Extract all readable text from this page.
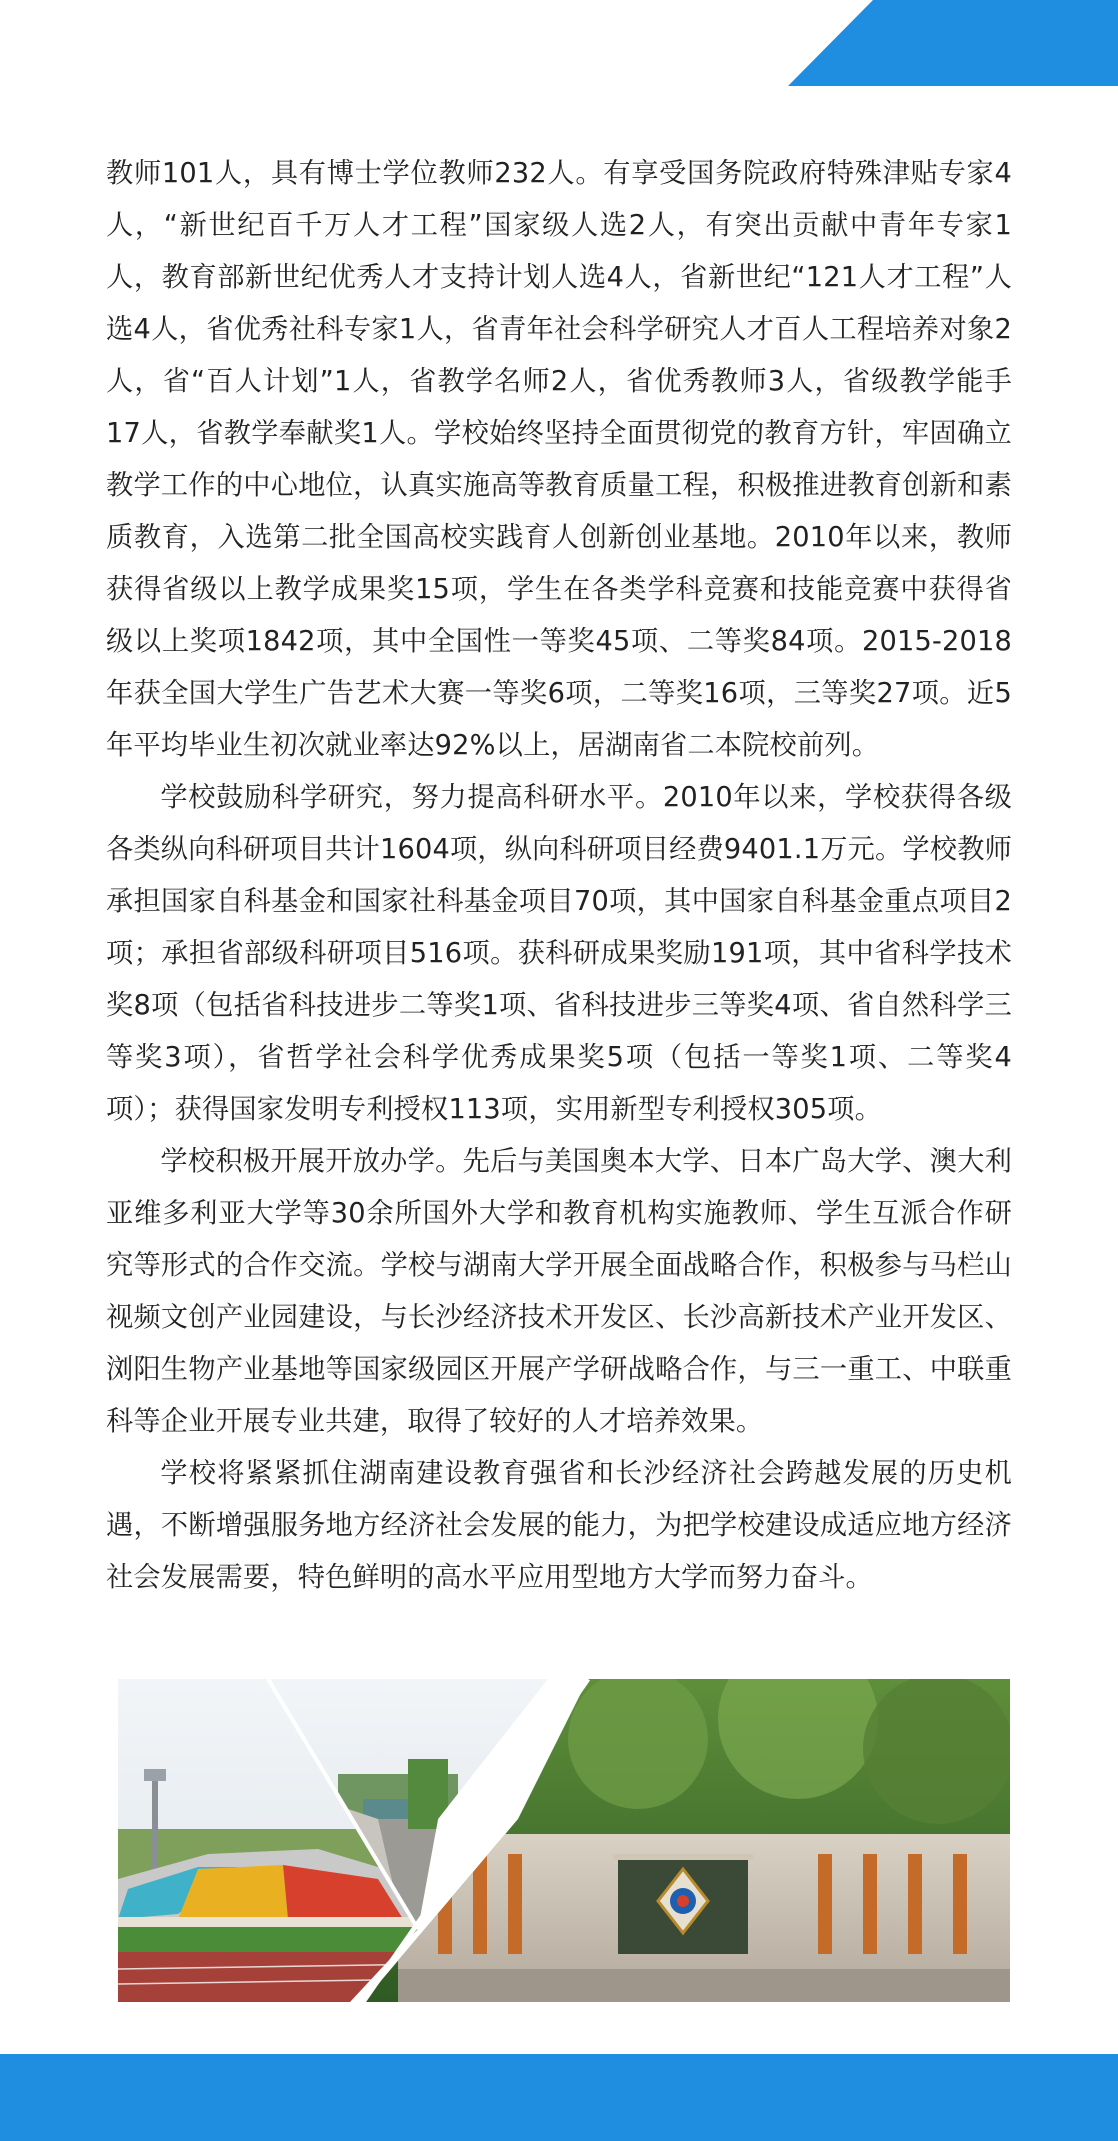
教师101人，具有博士学位教师232人。有享受国务院政府特殊津贴专家4人，“新世纪百千万人才工程”国家级人选2人，有突出贡献中青年专家1人，教育部新世纪优秀人才支持计划人选4人，省新世纪“121人才工程”人选4人，省优秀社科专家1人，省青年社会科学研究人才百人工程培养对象2人，省“百人计划”1人，省教学名师2人，省优秀教师3人，省级教学能手17人，省教学奉献奖1人。学校始终坚持全面贯彻党的教育方针，牢固确立教学工作的中心地位，认真实施高等教育质量工程，积极推进教育创新和素质教育，入选第二批全国高校实践育人创新创业基地。2010年以来，教师获得省级以上教学成果奖15项，学生在各类学科竞赛和技能竞赛中获得省级以上奖项1842项，其中全国性一等奖45项、二等奖84项。2015-2018年获全国大学生广告艺术大赛一等奖6项，二等奖16项，三等奖27项。近5年平均毕业生初次就业率达92%以上，居湖南省二本院校前列。

学校鼓励科学研究，努力提高科研水平。2010年以来，学校获得各级各类纵向科研项目共计1604项，纵向科研项目经费9401.1万元。学校教师承担国家自科基金和国家社科基金项目70项，其中国家自科基金重点项目2项；承担省部级科研项目516项。获科研成果奖励191项，其中省科学技术奖8项（包括省科技进步二等奖1项、省科技进步三等奖4项、省自然科学三等奖3项），省哲学社会科学优秀成果奖5项（包括一等奖1项、二等奖4项）；获得国家发明专利授权113项，实用新型专利授权305项。

学校积极开展开放办学。先后与美国奥本大学、日本广岛大学、澳大利亚维多利亚大学等30余所国外大学和教育机构实施教师、学生互派合作研究等形式的合作交流。学校与湖南大学开展全面战略合作，积极参与马栏山视频文创产业园建设，与长沙经济技术开发区、长沙高新技术产业开发区、浏阳生物产业基地等国家级园区开展产学研战略合作，与三一重工、中联重科等企业开展专业共建，取得了较好的人才培养效果。

学校将紧紧抓住湖南建设教育强省和长沙经济社会跨越发展的历史机遇，不断增强服务地方经济社会发展的能力，为把学校建设成适应地方经济社会发展需要，特色鲜明的高水平应用型地方大学而努力奋斗。
